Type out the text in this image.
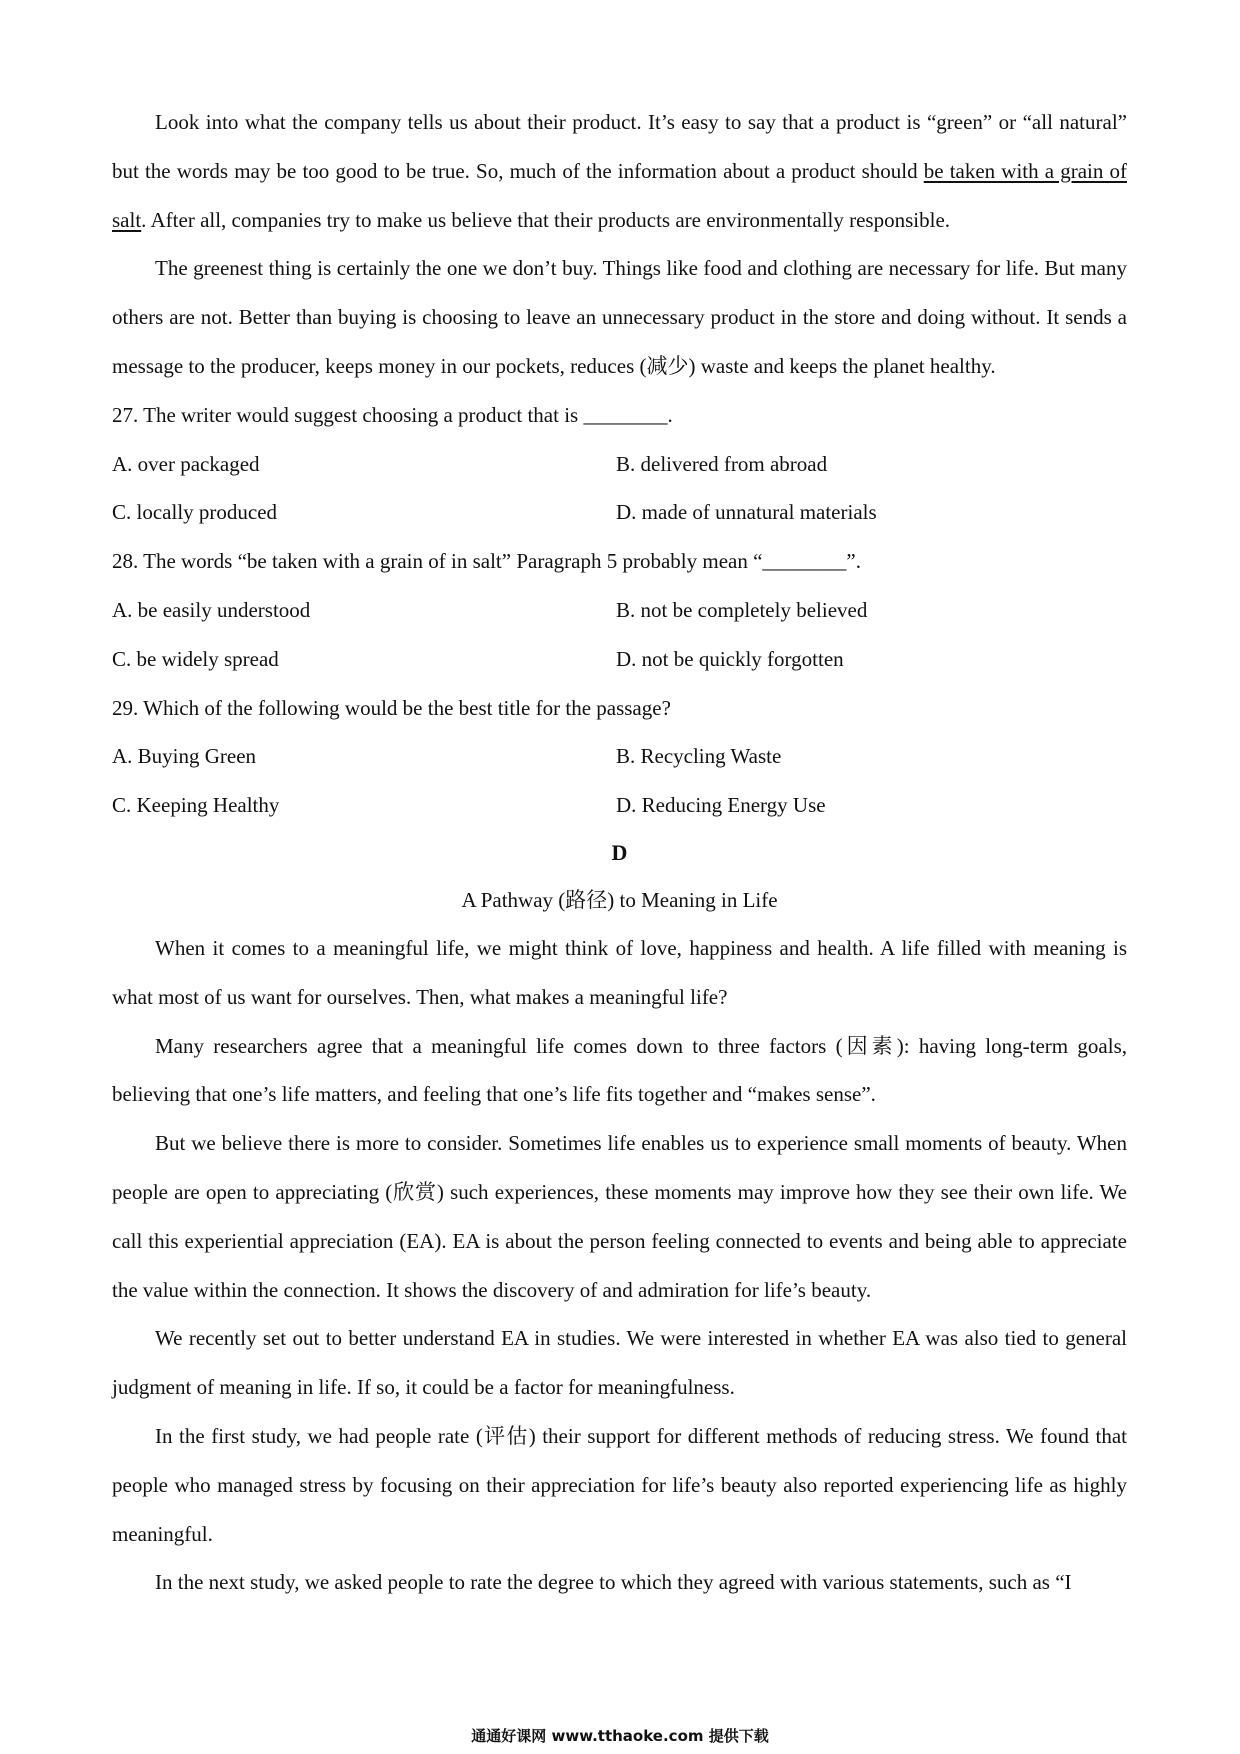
Look into what the company tells us about their product. It’s easy to say that a product is “green” or “all natural” but the words may be too good to be true. So, much of the information about a product should be taken with a grain of salt. After all, companies try to make us believe that their products are environmentally responsible.

The greenest thing is certainly the one we don’t buy. Things like food and clothing are necessary for life. But many others are not. Better than buying is choosing to leave an unnecessary product in the store and doing without. It sends a message to the producer, keeps money in our pockets, reduces (减少) waste and keeps the planet healthy.

27. The writer would suggest choosing a product that is ________.

A. over packaged	B. delivered from abroad
C. locally produced	D. made of unnatural materials

28. The words “be taken with a grain of in salt” Paragraph 5 probably mean “________”.

A. be easily understood	B. not be completely believed
C. be widely spread	D. not be quickly forgotten

29. Which of the following would be the best title for the passage?

A. Buying Green	B. Recycling Waste
C. Keeping Healthy	D. Reducing Energy Use

D

A Pathway (路径) to Meaning in Life

When it comes to a meaningful life, we might think of love, happiness and health. A life filled with meaning is what most of us want for ourselves. Then, what makes a meaningful life?

Many researchers agree that a meaningful life comes down to three factors (因素): having long-term goals, believing that one’s life matters, and feeling that one’s life fits together and “makes sense”.

But we believe there is more to consider. Sometimes life enables us to experience small moments of beauty. When people are open to appreciating (欣赏) such experiences, these moments may improve how they see their own life. We call this experiential appreciation (EA). EA is about the person feeling connected to events and being able to appreciate the value within the connection. It shows the discovery of and admiration for life’s beauty.

We recently set out to better understand EA in studies. We were interested in whether EA was also tied to general judgment of meaning in life. If so, it could be a factor for meaningfulness.

In the first study, we had people rate (评估) their support for different methods of reducing stress. We found that people who managed stress by focusing on their appreciation for life’s beauty also reported experiencing life as highly meaningful.

In the next study, we asked people to rate the degree to which they agreed with various statements, such as “I

通通好课网 www.tthaoke.com 提供下载
